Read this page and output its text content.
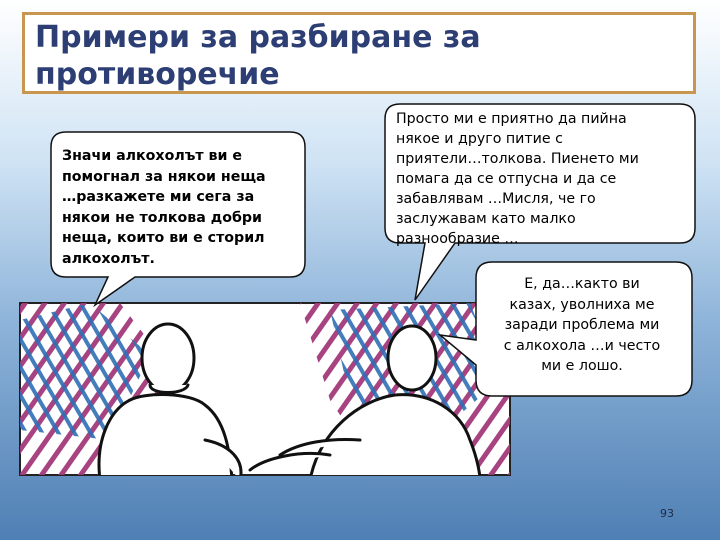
Примери за разбиране за
противоречие
Значи алкохолът ви е
помогнал за някои неща
…разкажете ми сега за
някои не толкова добри
неща, които ви е сторил
алкохолът.
Просто ми е приятно да пийна
някое и друго питие с
приятели…толкова. Пиенето ми
помага да се отпусна и да се
забавлявам …Мисля, че го
заслужавам като малко
разнообразие …
Е, да…както ви
казах, уволниха ме
заради проблема ми
с алкохола …и често
ми е лошо.
93
